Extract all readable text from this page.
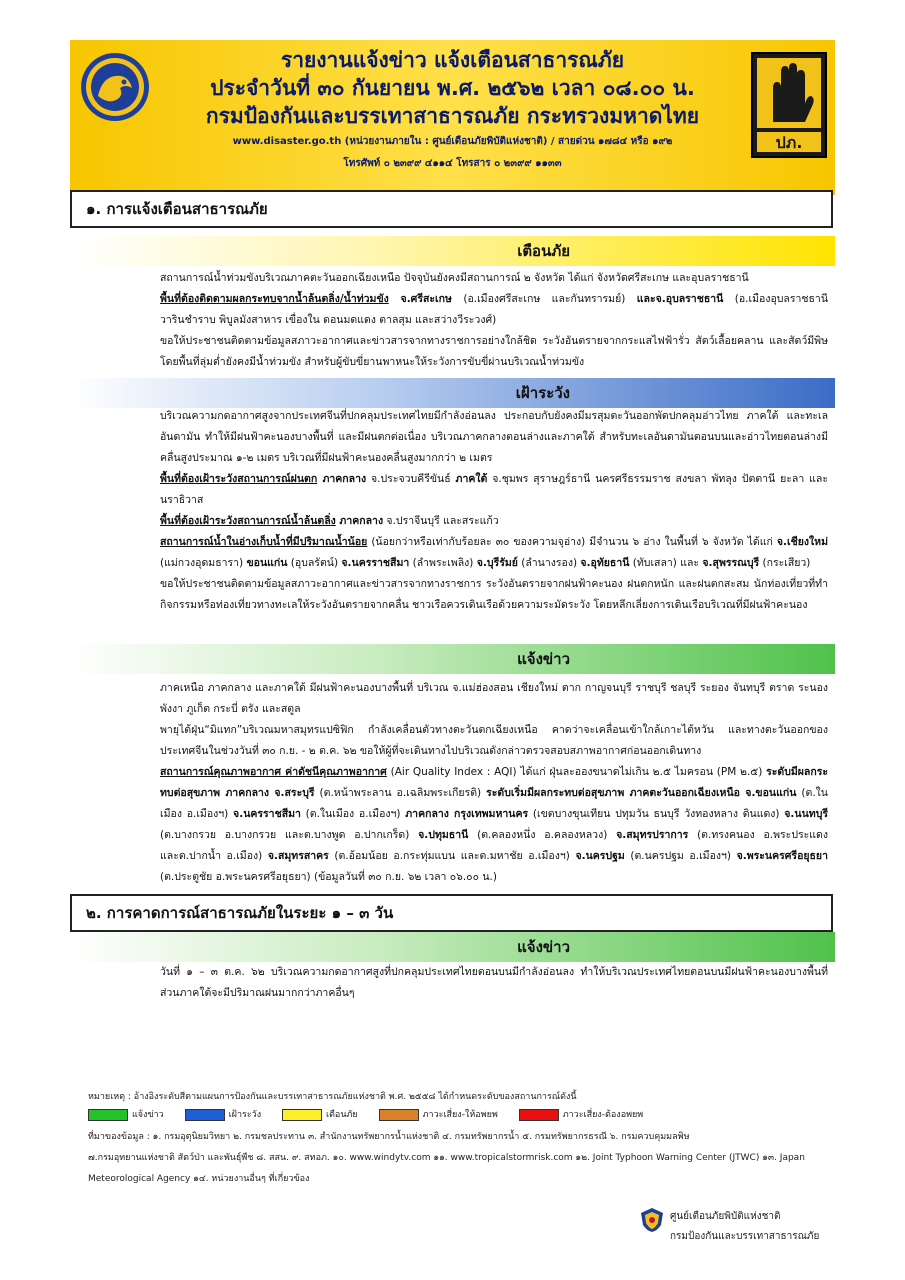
รายงานแจ้งข่าว แจ้งเตือนสาธารณภัย
ประจำวันที่ ๓๐ กันยายน พ.ศ. ๒๕๖๒ เวลา ๐๘.๐๐ น.
กรมป้องกันและบรรเทาสาธารณภัย กระทรวงมหาดไทย
www.disaster.go.th (หน่วยงานภายใน : ศูนย์เตือนภัยพิบัติแห่งชาติ) / สายด่วน ๑๗๘๔ หรือ ๑๙๒
โทรศัพท์ ๐ ๒๓๙๙ ๔๑๑๔ โทรสาร ๐ ๒๓๙๙ ๑๑๓๓
ปภ.
๑. การแจ้งเตือนสาธารณภัย
เตือนภัย
สถานการณ์น้ำท่วมขังบริเวณภาคตะวันออกเฉียงเหนือ ปัจจุบันยังคงมีสถานการณ์ ๒ จังหวัด ได้แก่ จังหวัดศรีสะเกษ และอุบลราชธานี
พื้นที่ต้องติดตามผลกระทบจากน้ำล้นตลิ่ง/น้ำท่วมขัง จ.ศรีสะเกษ (อ.เมืองศรีสะเกษ และกันทรารมย์) และจ.อุบลราชธานี (อ.เมืองอุบลราชธานี วารินชำราบ พิบูลมังสาหาร เขื่องใน ดอนมดแดง ตาลสุม และสว่างวีระวงศ์)
ขอให้ประชาชนติดตามข้อมูลสภาวะอากาศและข่าวสารจากทางราชการอย่างใกล้ชิด ระวังอันตรายจากกระแสไฟฟ้ารั่ว สัตว์เลื้อยคลาน และสัตว์มีพิษ โดยพื้นที่ลุ่มต่ำยังคงมีน้ำท่วมขัง สำหรับผู้ขับขี่ยานพาหนะให้ระวังการขับขี่ผ่านบริเวณน้ำท่วมขัง
เฝ้าระวัง
บริเวณความกดอากาศสูงจากประเทศจีนที่ปกคลุมประเทศไทยมีกำลังอ่อนลง ประกอบกับยังคงมีมรสุมตะวันออกพัดปกคลุมอ่าวไทย ภาคใต้ และทะเลอันดามัน ทำให้มีฝนฟ้าคะนองบางพื้นที่ และมีฝนตกต่อเนื่อง บริเวณภาคกลางตอนล่างและภาคใต้ สำหรับทะเลอันดามันตอนบนและอ่าวไทยตอนล่างมีคลื่นสูงประมาณ ๑-๒ เมตร บริเวณที่มีฝนฟ้าคะนองคลื่นสูงมากกว่า ๒ เมตร
พื้นที่ต้องเฝ้าระวังสถานการณ์ฝนตก ภาคกลาง จ.ประจวบคีรีขันธ์ ภาคใต้ จ.ชุมพร สุราษฎร์ธานี นครศรีธรรมราช สงขลา พัทลุง ปัตตานี ยะลา และนราธิวาส
พื้นที่ต้องเฝ้าระวังสถานการณ์น้ำล้นตลิ่ง ภาคกลาง จ.ปราจีนบุรี และสระแก้ว
สถานการณ์น้ำในอ่างเก็บน้ำที่มีปริมาณน้ำน้อย (น้อยกว่าหรือเท่ากับร้อยละ ๓๐ ของความจุอ่าง) มีจำนวน ๖ อ่าง ในพื้นที่ ๖ จังหวัด ได้แก่ จ.เชียงใหม่ (แม่กวงอุดมธารา) ขอนแก่น (อุบลรัตน์) จ.นครราชสีมา (ลำพระเพลิง) จ.บุรีรัมย์ (ลำนางรอง) จ.อุทัยธานี (ทับเสลา) และ จ.สุพรรณบุรี (กระเสียว)
ขอให้ประชาชนติดตามข้อมูลสภาวะอากาศและข่าวสารจากทางราชการ ระวังอันตรายจากฝนฟ้าคะนอง ฝนตกหนัก และฝนตกสะสม นักท่องเที่ยวที่ทำกิจกรรมหรือท่องเที่ยวทางทะเลให้ระวังอันตรายจากคลื่น ชาวเรือควรเดินเรือด้วยความระมัดระวัง โดยหลีกเลี่ยงการเดินเรือบริเวณที่มีฝนฟ้าคะนอง
แจ้งข่าว
ภาคเหนือ ภาคกลาง และภาคใต้ มีฝนฟ้าคะนองบางพื้นที่ บริเวณ จ.แม่ฮ่องสอน เชียงใหม่ ตาก กาญจนบุรี ราชบุรี ชลบุรี ระยอง จันทบุรี ตราด ระนอง พังงา ภูเก็ต กระบี่ ตรัง และสตูล
พายุไต้ฝุ่น“มิแทก”บริเวณมหาสมุทรแปซิฟิก กำลังเคลื่อนตัวทางตะวันตกเฉียงเหนือ คาดว่าจะเคลื่อนเข้าใกล้เกาะไต้หวัน และทางตะวันออกของประเทศจีนในช่วงวันที่ ๓๐ ก.ย. - ๒ ต.ค. ๖๒ ขอให้ผู้ที่จะเดินทางไปบริเวณดังกล่าวตรวจสอบสภาพอากาศก่อนออกเดินทาง
สถานการณ์คุณภาพอากาศ ค่าดัชนีคุณภาพอากาศ (Air Quality Index : AQI) ได้แก่ ฝุ่นละอองขนาดไม่เกิน ๒.๕ ไมครอน (PM ๒.๕) ระดับมีผลกระทบต่อสุขภาพ ภาคกลาง จ.สระบุรี (ต.หน้าพระลาน อ.เฉลิมพระเกียรติ) ระดับเริ่มมีผลกระทบต่อสุขภาพ ภาคตะวันออกเฉียงเหนือ จ.ขอนแก่น (ต.ในเมือง อ.เมืองฯ) จ.นครราชสีมา (ต.ในเมือง อ.เมืองฯ) ภาคกลาง กรุงเทพมหานคร (เขตบางขุนเทียน ปทุมวัน ธนบุรี วังทองหลาง ดินแดง) จ.นนทบุรี (ต.บางกรวย อ.บางกรวย และต.บางพูด อ.ปากเกร็ด) จ.ปทุมธานี (ต.คลองหนึ่ง อ.คลองหลวง) จ.สมุทรปราการ (ต.ทรงคนอง อ.พระประแดง และต.ปากน้ำ อ.เมือง) จ.สมุทรสาคร (ต.อ้อมน้อย อ.กระทุ่มแบน และต.มหาชัย อ.เมืองฯ) จ.นครปฐม (ต.นครปฐม อ.เมืองฯ) จ.พระนครศรีอยุธยา (ต.ประตูชัย อ.พระนครศรีอยุธยา) (ข้อมูลวันที่ ๓๐ ก.ย. ๖๒ เวลา ๐๖.๐๐ น.)
๒. การคาดการณ์สาธารณภัยในระยะ ๑ – ๓ วัน
แจ้งข่าว
วันที่ ๑ – ๓ ต.ค. ๖๒ บริเวณความกดอากาศสูงที่ปกคลุมประเทศไทยตอนบนมีกำลังอ่อนลง ทำให้บริเวณประเทศไทยตอนบนมีฝนฟ้าคะนองบางพื้นที่ ส่วนภาคใต้จะมีปริมาณฝนมากกว่าภาคอื่นๆ
หมายเหตุ : อ้างอิงระดับสีตามแผนการป้องกันและบรรเทาสาธารณภัยแห่งชาติ พ.ศ. ๒๕๕๘ ได้กำหนดระดับของสถานการณ์ดังนี้
แจ้งข่าว	เฝ้าระวัง	เตือนภัย	ภาวะเสี่ยง-ให้อพยพ	ภาวะเสี่ยง-ต้องอพยพ
ที่มาของข้อมูล : ๑. กรมอุตุนิยมวิทยา ๒. กรมชลประทาน ๓. สำนักงานทรัพยากรน้ำแห่งชาติ ๔. กรมทรัพยากรน้ำ ๕. กรมทรัพยากรธรณี ๖. กรมควบคุมมลพิษ
๗.กรมอุทยานแห่งชาติ สัตว์ป่า และพันธุ์พืช ๘. สสน. ๙. สทอภ. ๑๐. www.windytv.com ๑๑. www.tropicalstormrisk.com ๑๒. Joint Typhoon Warning Center (JTWC) ๑๓. Japan Meteorological Agency ๑๔. หน่วยงานอื่นๆ ที่เกี่ยวข้อง
ศูนย์เตือนภัยพิบัติแห่งชาติ
กรมป้องกันและบรรเทาสาธารณภัย
